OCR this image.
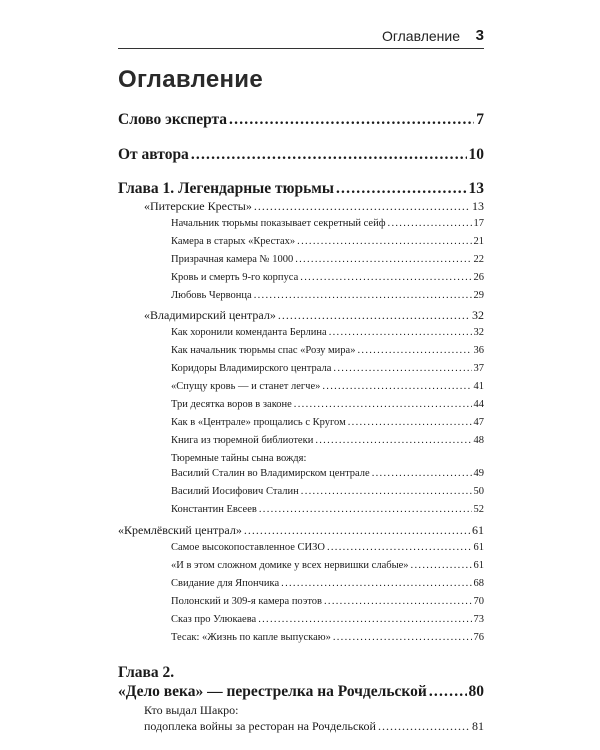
Оглавление 3
Оглавление
Слово эксперта .....	7
От автора .....	10
Глава 1. Легендарные тюрьмы .....	13
«Питерские Кресты» .....	13
Начальник тюрьмы показывает секретный сейф .....	17
Камера в старых «Крестах» .....	21
Призрачная камера № 1000 .....	22
Кровь и смерть 9-го корпуса .....	26
Любовь Червонца .....	29
«Владимирский централ» .....	32
Как хоронили коменданта Берлина .....	32
Как начальник тюрьмы спас «Розу мира» .....	36
Коридоры Владимирского централа .....	37
«Спущу кровь — и станет легче» .....	41
Три десятка воров в законе .....	44
Как в «Централе» прощались с Кругом .....	47
Книга из тюремной библиотеки .....	48
Тюремные тайны сына вождя:
Василий Сталин во Владимирском централе .....	49
Василий Иосифович Сталин .....	50
Константин Евсеев .....	52
«Кремлёвский централ» .....	61
Самое высокопоставленное СИЗО .....	61
«И в этом сложном домике у всех нервишки слабые» .....	61
Свидание для Япончика .....	68
Полонский и 309-я камера поэтов .....	70
Сказ про Улюкаева .....	73
Тесак: «Жизнь по капле выпускаю» .....	76
Глава 2.
«Дело века» — перестрелка на Рочдельской .....	80
Кто выдал Шакро:
подоплека войны за ресторан на Рочдельской .....	81
